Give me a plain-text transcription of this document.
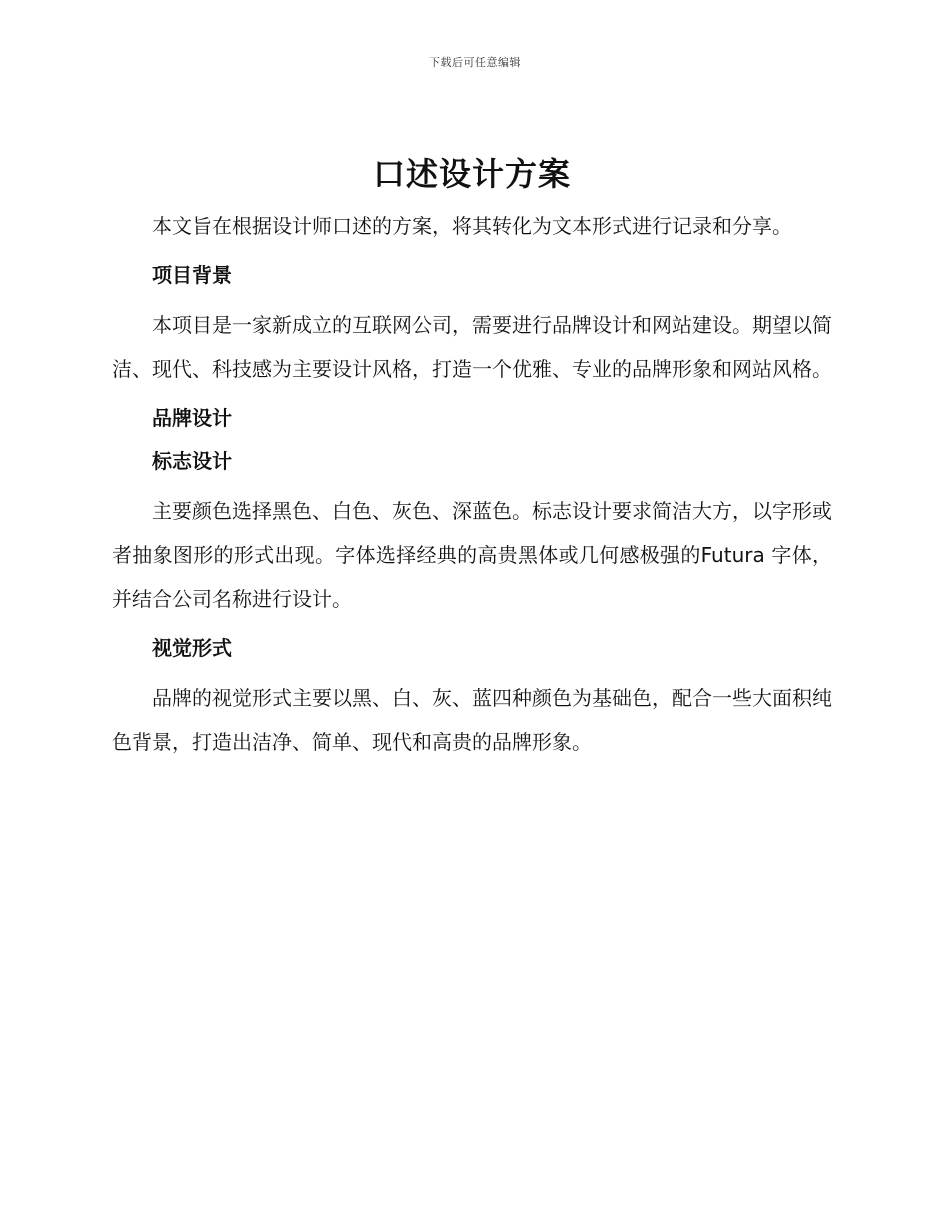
下载后可任意编辑
口述设计方案

本文旨在根据设计师口述的方案，将其转化为文本形式进行记录和分享。

项目背景

本项目是一家新成立的互联网公司，需要进行品牌设计和网站建设。期望以简洁、现代、科技感为主要设计风格，打造一个优雅、专业的品牌形象和网站风格。

品牌设计
标志设计

主要颜色选择黑色、白色、灰色、深蓝色。标志设计要求简洁大方，以字形或者抽象图形的形式出现。字体选择经典的高贵黑体或几何感极强的Futura 字体，并结合公司名称进行设计。

视觉形式

品牌的视觉形式主要以黑、白、灰、蓝四种颜色为基础色，配合一些大面积纯色背景，打造出洁净、简单、现代和高贵的品牌形象。
